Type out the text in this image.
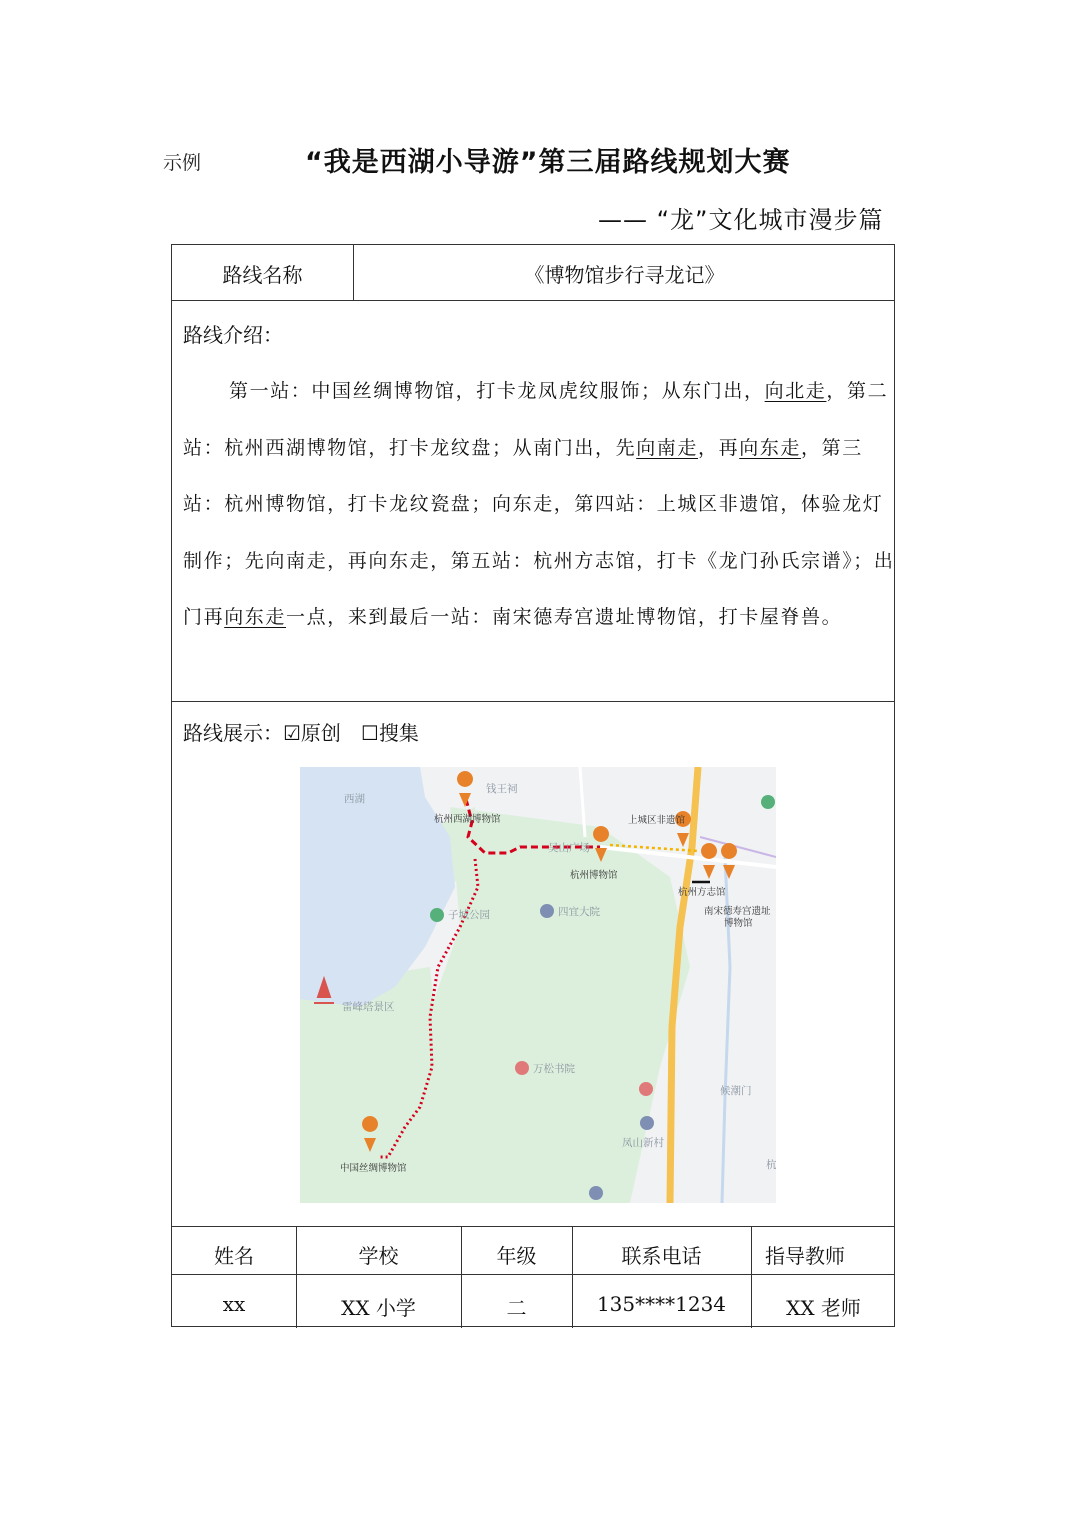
示例	“我是西湖小导游”第三届路线规划大赛
—— “龙”文化城市漫步篇
路线名称	《博物馆步行寻龙记》
路线介绍：

第一站：中国丝绸博物馆，打卡龙凤虎纹服饰；从东门出，向北走，第二站：杭州西湖博物馆，打卡龙纹盘；从南门出，先向南走，再向东走，第三站：杭州博物馆，打卡龙纹瓷盘；向东走，第四站：上城区非遗馆，体验龙灯制作；先向南走，再向东走，第五站：杭州方志馆，打卡《龙门孙氏宗谱》；出门再向东走一点，来到最后一站：南宋德寿宫遗址博物馆，打卡屋脊兽。

路线展示：☑原创　☐搜集
西湖
钱王祠
杭州西湖博物馆	上城区非遗馆
吴山广场
杭州博物馆
杭州方志馆
南宋德寿宫遗址
博物馆
子城公园	四宜大院
雷峰塔景区
万松书院
候潮门
凤山新村
中国丝绸博物馆	杭
姓名	学校	年级	联系电话	指导教师
xx	XX 小学	二	135****1234	XX 老师
